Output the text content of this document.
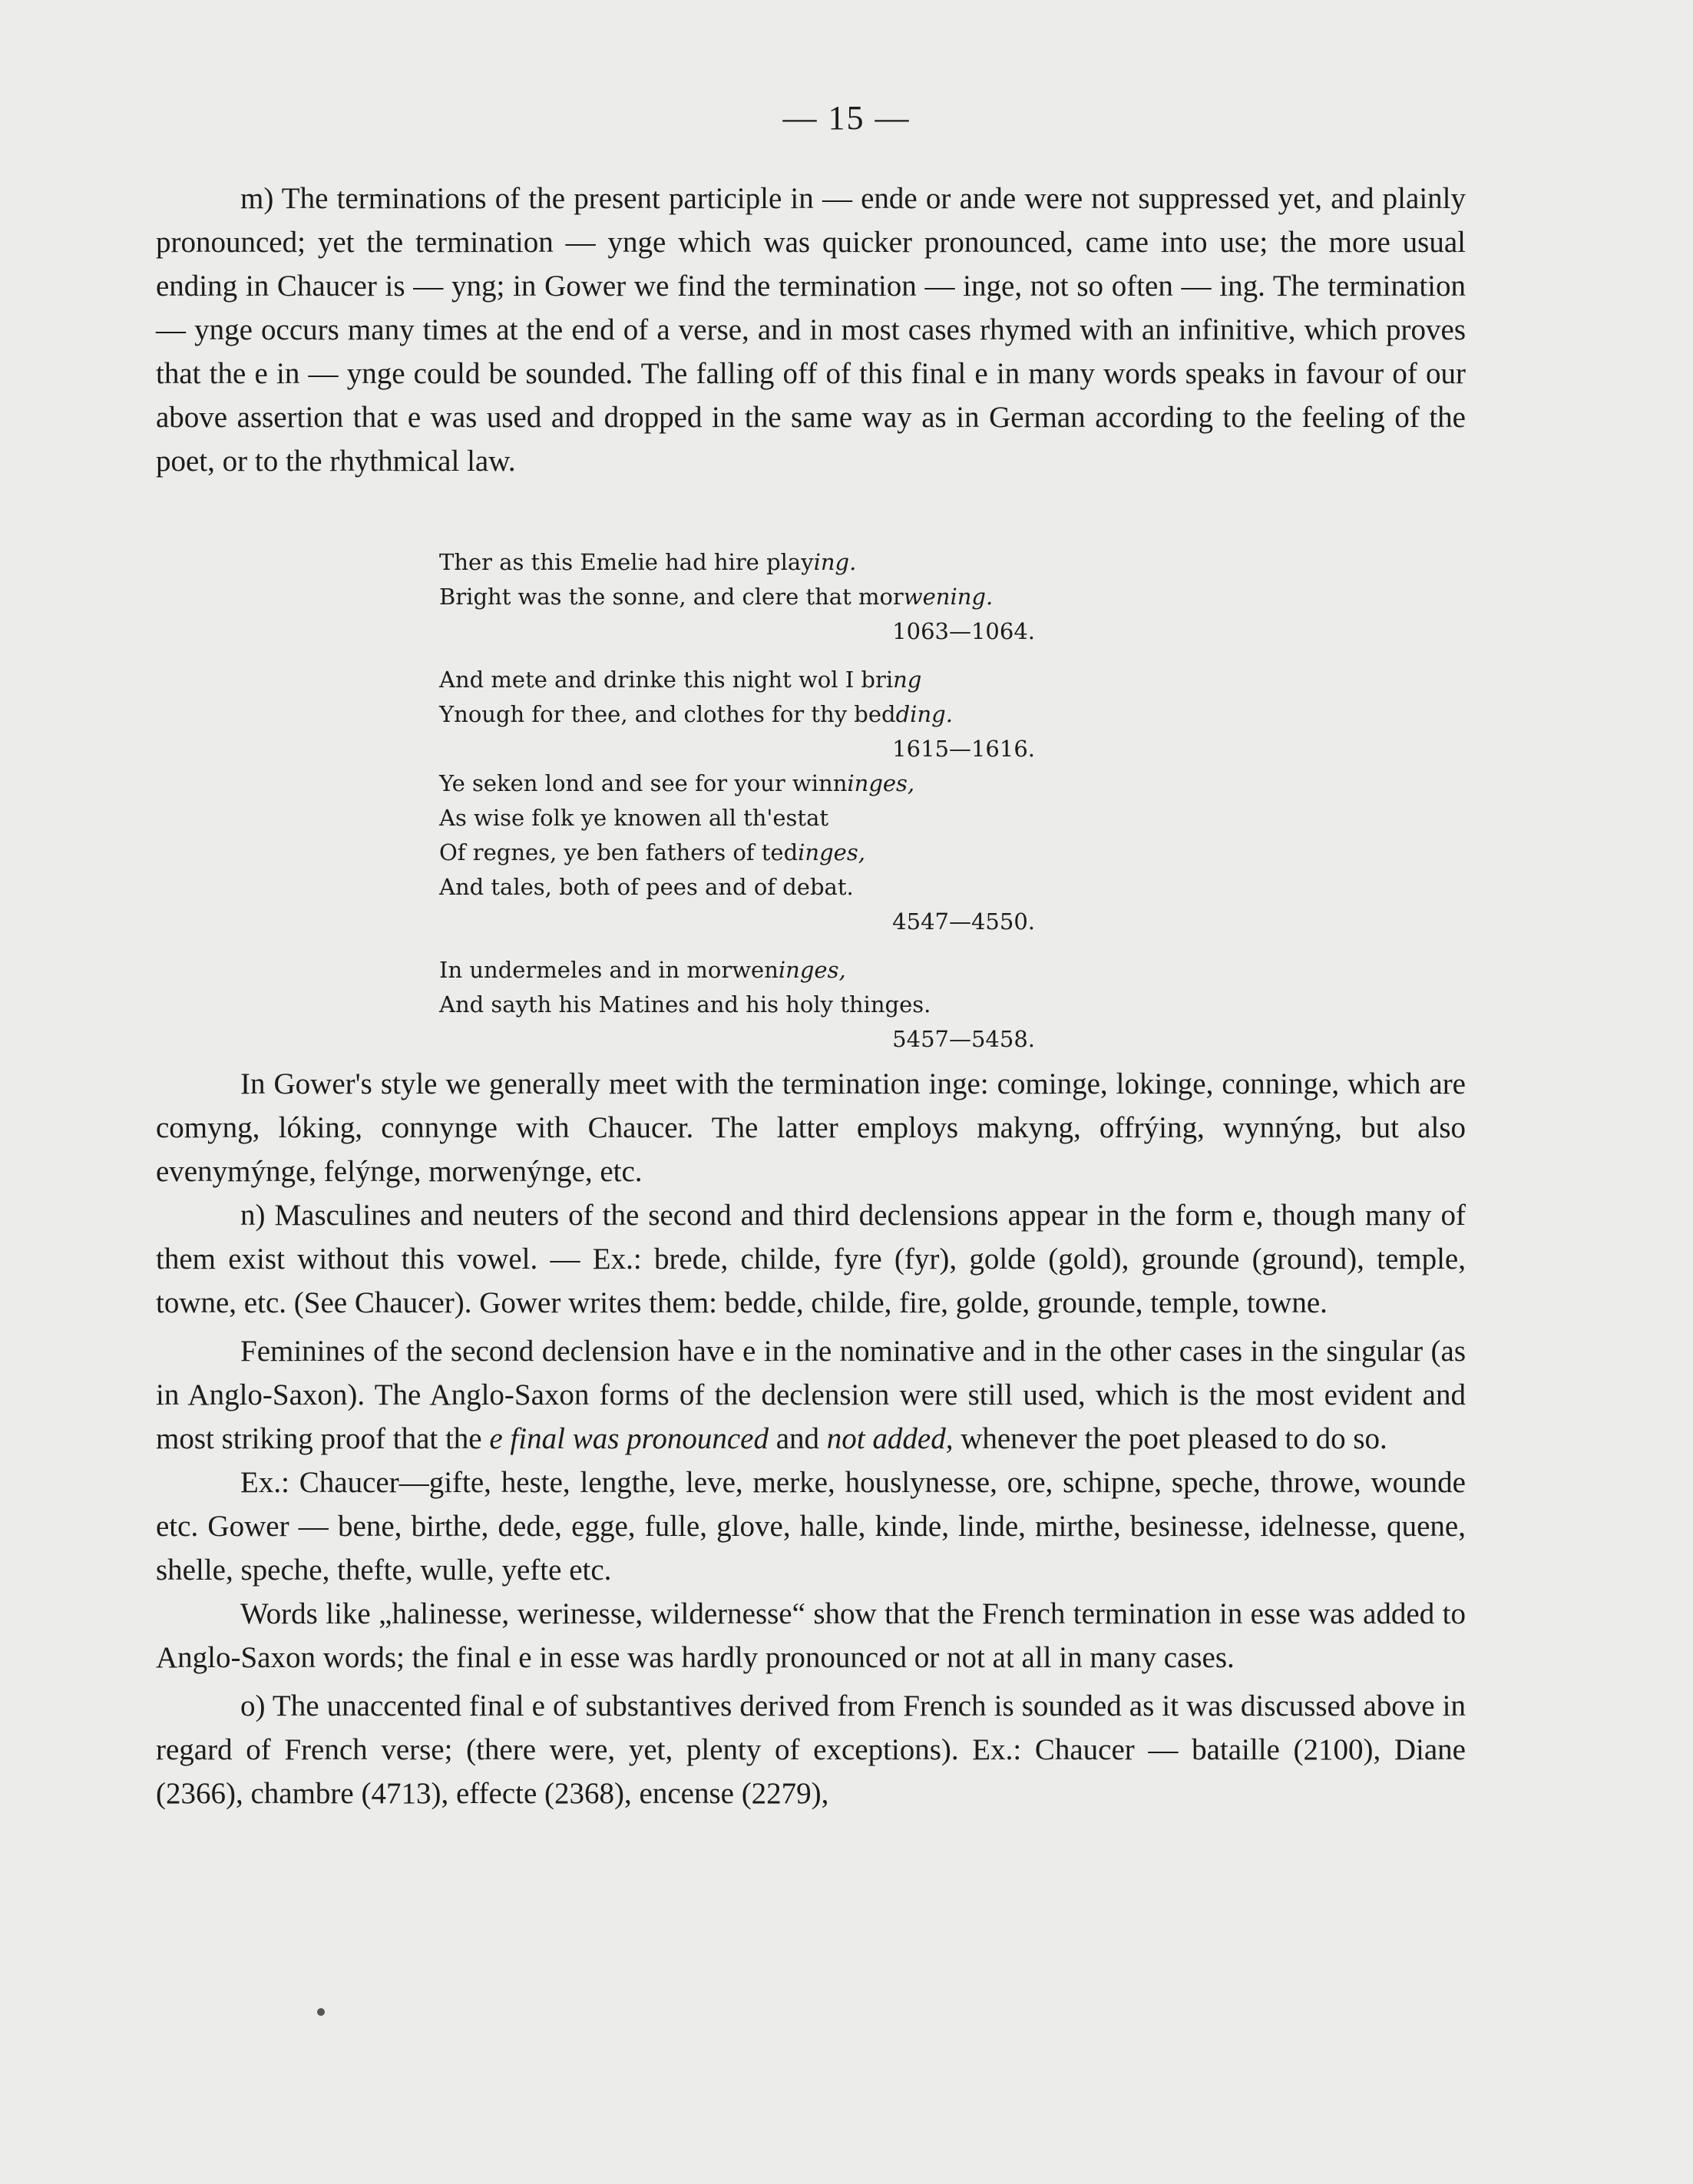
— 15 —

m) The terminations of the present participle in — ende or ande were not suppressed yet, and plainly pronounced; yet the termination — ynge which was quicker pronounced, came into use; the more usual ending in Chaucer is — yng; in Gower we find the termination — inge, not so often — ing. The termination — ynge occurs many times at the end of a verse, and in most cases rhymed with an infinitive, which proves that the e in — ynge could be sounded. The falling off of this final e in many words speaks in favour of our above assertion that e was used and dropped in the same way as in German according to the feeling of the poet, or to the rhythmical law.

Ther as this Emelie had hire playing.
Bright was the sonne, and clere that morwening.
1063—1064.
And mete and drinke this night wol I bring
Ynough for thee, and clothes for thy bedding.
1615—1616.
Ye seken lond and see for your winninges,
As wise folk ye knowen all th'estat
Of regnes, ye ben fathers of tedinges,
And tales, both of pees and of debat.
4547—4550.
In undermeles and in morweninges,
And sayth his Matines and his holy thinges.
5457—5458.

In Gower's style we generally meet with the termination inge: cominge, lokinge, conninge, which are comyng, lóking, connynge with Chaucer. The latter employs makyng, offrýing, wynnýng, but also evenymýnge, felýnge, morwenýnge, etc.

n) Masculines and neuters of the second and third declensions appear in the form e, though many of them exist without this vowel. — Ex.: brede, childe, fyre (fyr), golde (gold), grounde (ground), temple, towne, etc. (See Chaucer). Gower writes them: bedde, childe, fire, golde, grounde, temple, towne.

Feminines of the second declension have e in the nominative and in the other cases in the singular (as in Anglo-Saxon). The Anglo-Saxon forms of the declension were still used, which is the most evident and most striking proof that the e final was pronounced and not added, whenever the poet pleased to do so.

Ex.: Chaucer—gifte, heste, lengthe, leve, merke, houslynesse, ore, schipne, speche, throwe, wounde etc. Gower — bene, birthe, dede, egge, fulle, glove, halle, kinde, linde, mirthe, besinesse, idelnesse, quene, shelle, speche, thefte, wulle, yefte etc.

Words like „halinesse, werinesse, wildernesse“ show that the French termination in esse was added to Anglo-Saxon words; the final e in esse was hardly pronounced or not at all in many cases.

o) The unaccented final e of substantives derived from French is sounded as it was discussed above in regard of French verse; (there were, yet, plenty of exceptions). Ex.: Chaucer — bataille (2100), Diane (2366), chambre (4713), effecte (2368), encense (2279),
